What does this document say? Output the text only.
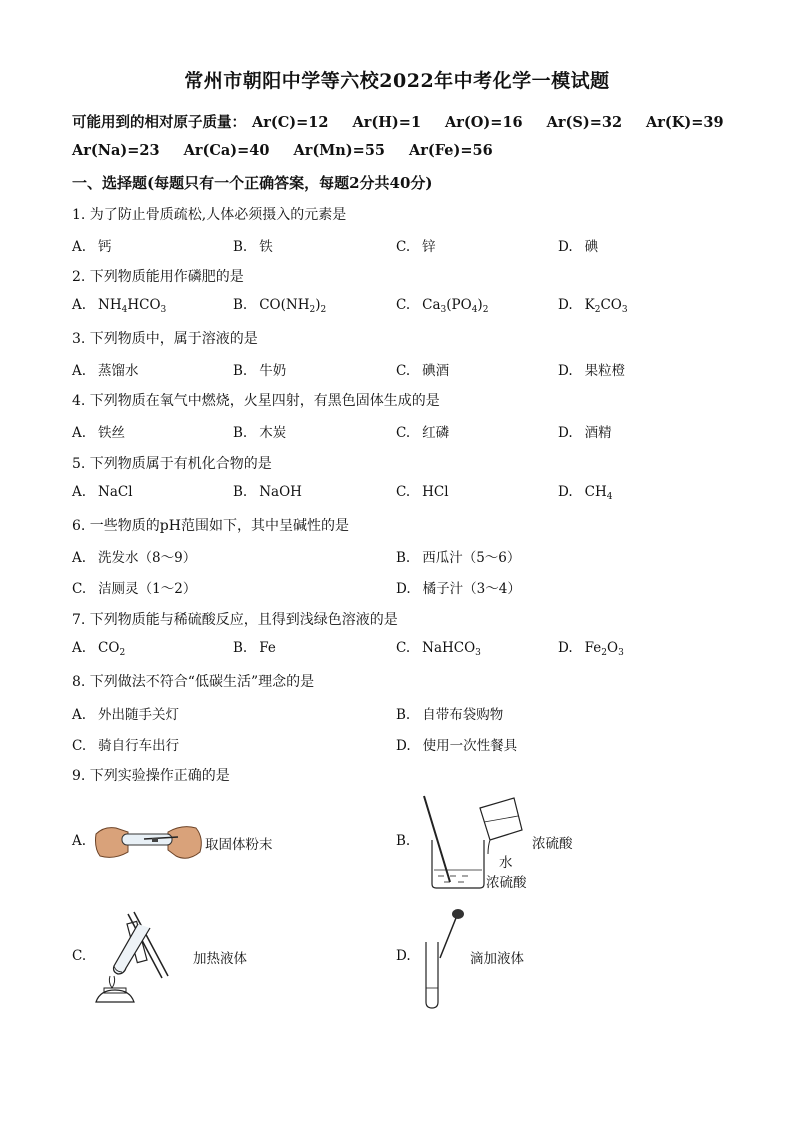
常州市朝阳中学等六校2022年中考化学一模试题
可能用到的相对原子质量： Ar(C)=12 Ar(H)=1 Ar(O)=16 Ar(S)=32 Ar(K)=39
Ar(Na)=23 Ar(Ca)=40 Ar(Mn)=55 Ar(Fe)=56
一、选择题(每题只有一个正确答案，每题2分共40分)
1. 为了防止骨质疏松,人体必须摄入的元素是
A. 钙	B. 铁	C. 锌	D. 碘
2. 下列物质能用作磷肥的是
A. $NH_4HCO_3$	B. $CO(NH_2)_2$	C. $Ca_3(PO_4)_2$	D. $K_2CO_3$
3. 下列物质中，属于溶液的是
A. 蒸馏水	B. 牛奶	C. 碘酒	D. 果粒橙
4. 下列物质在氧气中燃烧，火星四射，有黑色固体生成的是
A. 铁丝	B. 木炭	C. 红磷	D. 酒精
5. 下列物质属于有机化合物的是
A. NaCl	B. NaOH	C. HCl	D. $CH_4$
6. 一些物质的pH范围如下，其中呈碱性的是
A. 洗发水（8～9）	B. 西瓜汁（5～6）
C. 洁厕灵（1～2）	D. 橘子汁（3～4）
7. 下列物质能与稀硫酸反应，且得到浅绿色溶液的是
A. $CO_2$	B. Fe	C. NaHCO$_3$	D. $Fe_2O_3$
8. 下列做法不符合“低碳生活”理念的是
A. 外出随手关灯	B. 自带布袋购物
C. 骑自行车出行	D. 使用一次性餐具
9. 下列实验操作正确的是
A.	取固体粉末	B.	浓硫酸
水
浓硫酸
C.	加热液体	D.	滴加液体
